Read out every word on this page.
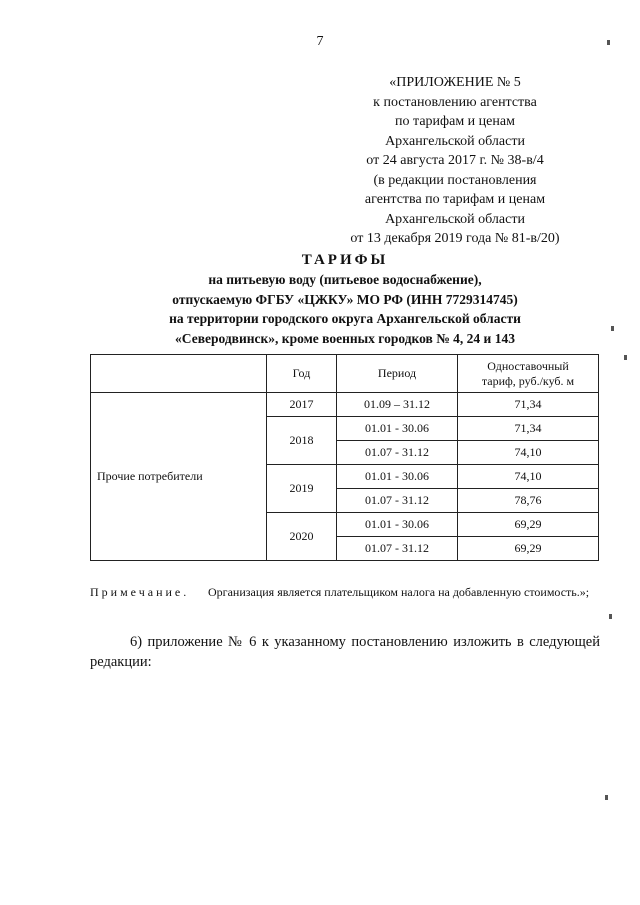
7
«ПРИЛОЖЕНИЕ № 5
к постановлению агентства
по тарифам и ценам
Архангельской области
от 24 августа 2017 г. № 38-в/4
(в редакции постановления
агентства по тарифам и ценам
Архангельской области
от 13 декабря 2019 года № 81-в/20)
ТАРИФЫ
на питьевую воду (питьевое водоснабжение),
отпускаемую ФГБУ «ЦЖКУ» МО РФ (ИНН 7729314745)
на территории городского округа Архангельской области
«Северодвинск», кроме военных городков № 4, 24 и 143
	Год	Период	Одноставочный
тариф, руб./куб. м
Прочие потребители	2017	01.09 – 31.12	71,34
	2018	01.01 - 30.06	71,34
		01.07 - 31.12	74,10
	2019	01.01 - 30.06	74,10
		01.07 - 31.12	78,76
	2020	01.01 - 30.06	69,29
		01.07 - 31.12	69,29
Примечание. Организация является плательщиком налога на добавленную стоимость.»;
6) приложение № 6 к указанному постановлению изложить в следующей редакции:
